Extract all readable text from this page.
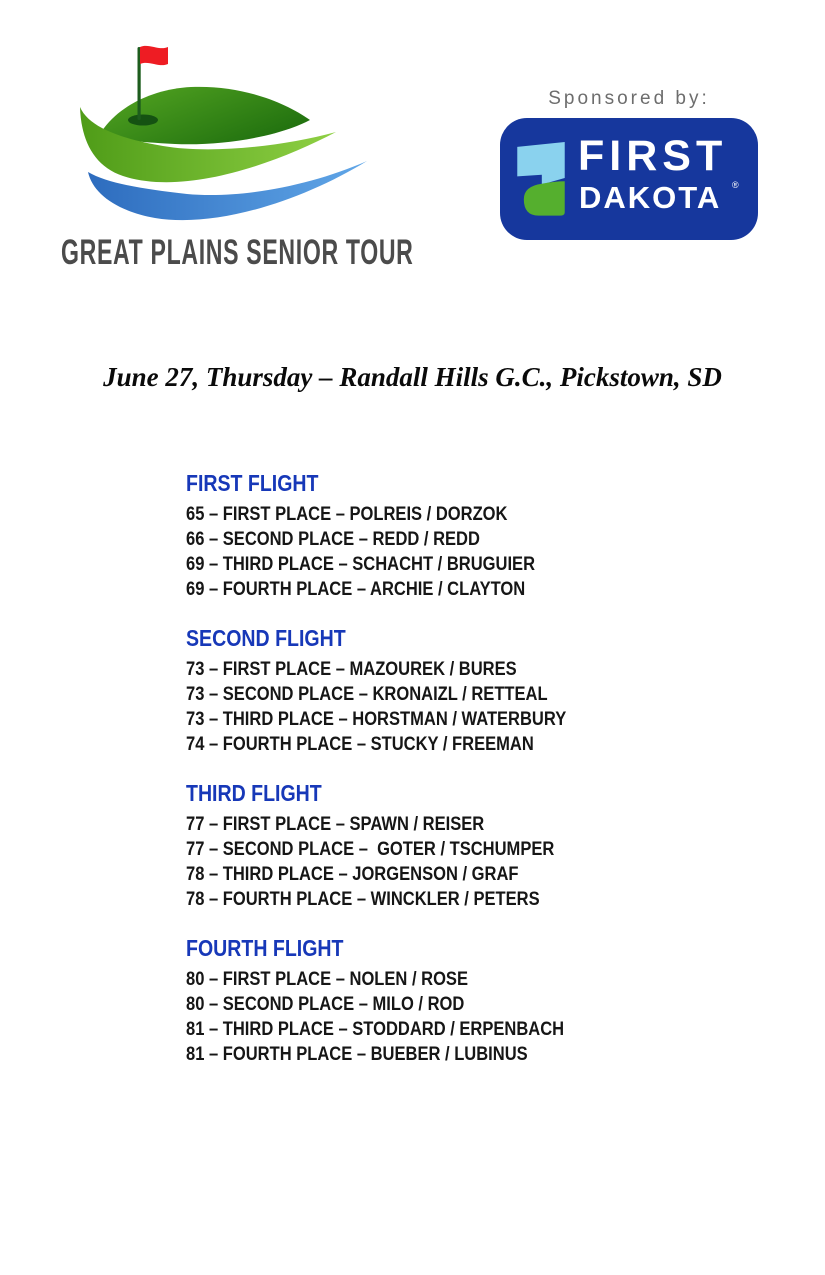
GREAT PLAINS SENIOR TOUR
Sponsored by:
FIRST
DAKOTA ®
June 27, Thursday – Randall Hills G.C., Pickstown, SD
FIRST FLIGHT
65 – FIRST PLACE – POLREIS / DORZOK
66 – SECOND PLACE – REDD / REDD
69 – THIRD PLACE – SCHACHT / BRUGUIER
69 – FOURTH PLACE – ARCHIE / CLAYTON
SECOND FLIGHT
73 – FIRST PLACE – MAZOUREK / BURES
73 – SECOND PLACE – KRONAIZL / RETTEAL
73 – THIRD PLACE – HORSTMAN / WATERBURY
74 – FOURTH PLACE – STUCKY / FREEMAN
THIRD FLIGHT
77 – FIRST PLACE – SPAWN / REISER
77 – SECOND PLACE –  GOTER / TSCHUMPER
78 – THIRD PLACE – JORGENSON / GRAF
78 – FOURTH PLACE – WINCKLER / PETERS
FOURTH FLIGHT
80 – FIRST PLACE – NOLEN / ROSE
80 – SECOND PLACE – MILO / ROD
81 – THIRD PLACE – STODDARD / ERPENBACH
81 – FOURTH PLACE – BUEBER / LUBINUS
